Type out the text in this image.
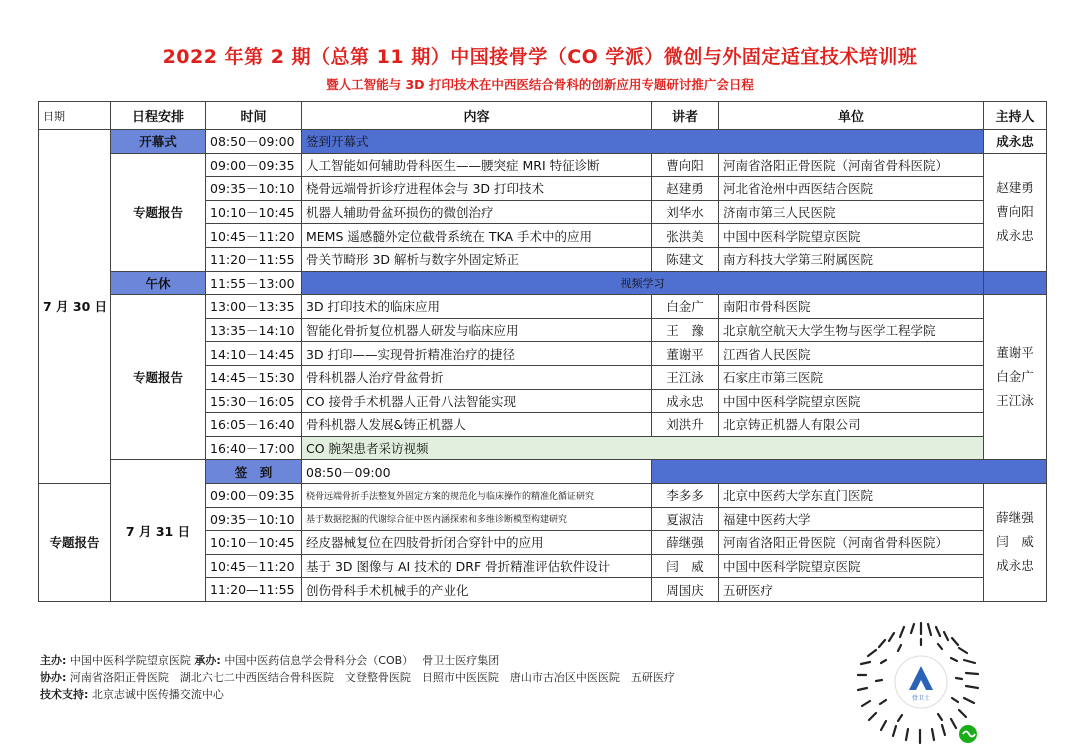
2022 年第 2 期（总第 11 期）中国接骨学（CO 学派）微创与外固定适宜技术培训班
暨人工智能与 3D 打印技术在中西医结合骨科的创新应用专题研讨推广会日程
日期	日程安排	时间	内容	讲者	单位	主持人	
7 月 30 日	开幕式	08:50－09:00	签到开幕式			成永忠	
	专题报告	09:00－09:35	人工智能如何辅助骨科医生——腰突症 MRI 特征诊断	曹向阳	河南省洛阳正骨医院（河南省骨科医院）	赵建勇
曹向阳
成永忠	

		09:35－10:10	桡骨远端骨折诊疗进程体会与 3D 打印技术	赵建勇	河北省沧州中西医结合医院		
		10:10－10:45	机器人辅助骨盆环损伤的微创治疗	刘华水	济南市第三人民医院		
		10:45－11:20	MEMS 遥感髓外定位截骨系统在 TKA 手术中的应用	张洪美	中国中医科学院望京医院		
		11:20－11:55	骨关节畸形 3D 解析与数字外固定矫正	陈建文	南方科技大学第三附属医院		
	午休	11:55－13:00	视频学习				
	专题报告	13:00－13:35	3D 打印技术的临床应用	白金广	南阳市骨科医院	董谢平
白金广
王江泳	

		13:35－14:10	智能化骨折复位机器人研发与临床应用	王　豫	北京航空航天大学生物与医学工程学院		
		14:10－14:45	3D 打印——实现骨折精准治疗的捷径	董谢平	江西省人民医院		
		14:45－15:30	骨科机器人治疗骨盆骨折	王江泳	石家庄市第三医院		
		15:30－16:05	CO 接骨手术机器人正骨八法智能实现	成永忠	中国中医科学院望京医院		
		16:05－16:40	骨科机器人发展&铸正机器人	刘洪升	北京铸正机器人有限公司		
		16:40－17:00	CO 腕架患者采访视频				
	7 月 31 日	签　到	08:50－09:00				
专题报告		09:00－09:35	桡骨远端骨折手法整复外固定方案的规范化与临床操作的精准化循证研究	李多多	北京中医药大学东直门医院	薛继强
闫　威
成永忠	

		09:35－10:10	基于数据挖掘的代谢综合征中医内涵探索和多维诊断模型构建研究	夏淑洁	福建中医药大学		
		10:10－10:45	经皮器械复位在四肢骨折闭合穿针中的应用	薛继强	河南省洛阳正骨医院（河南省骨科医院）		
		10:45－11:20	基于 3D 图像与 AI 技术的 DRF 骨折精准评估软件设计	闫　威	中国中医科学院望京医院		
		11:20—11:55	创伤骨科手术机械手的产业化	周国庆	五研医疗		
主办: 中国中医科学院望京医院 承办: 中国中医药信息学会骨科分会（COB）　 骨卫士医疗集团
协办: 河南省洛阳正骨医院　湖北六七二中西医结合骨科医院　文登整骨医院　日照市中医医院　唐山市古冶区中医医院　五研医疗
技术支持: 北京志诚中医传播交流中心	骨卫士
